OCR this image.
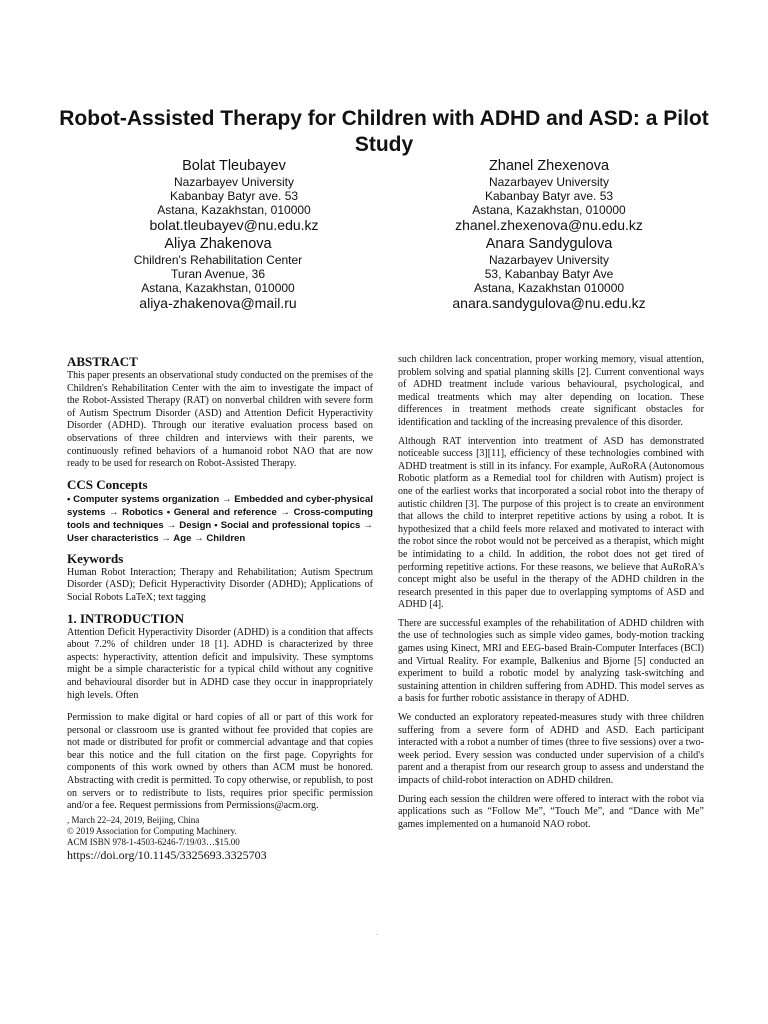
Robot-Assisted Therapy for Children with ADHD and ASD: a Pilot Study
Bolat Tleubayev
Nazarbayev University
Kabanbay Batyr ave. 53
Astana, Kazakhstan, 010000
bolat.tleubayev@nu.edu.kz
Zhanel Zhexenova
Nazarbayev University
Kabanbay Batyr ave. 53
Astana, Kazakhstan, 010000
zhanel.zhexenova@nu.edu.kz
Aliya Zhakenova
Children's Rehabilitation Center
Turan Avenue, 36
Astana, Kazakhstan, 010000
aliya-zhakenova@mail.ru
Anara Sandygulova
Nazarbayev University
53, Kabanbay Batyr Ave
Astana, Kazakhstan 010000
anara.sandygulova@nu.edu.kz
ABSTRACT

This paper presents an observational study conducted on the premises of the Children's Rehabilitation Center with the aim to investigate the impact of the Robot-Assisted Therapy (RAT) on nonverbal children with severe form of Autism Spectrum Disorder (ASD) and Attention Deficit Hyperactivity Disorder (ADHD). Through our iterative evaluation process based on observations of three children and interviews with their parents, we continuously refined behaviors of a humanoid robot NAO that are now ready to be used for research on Robot-Assisted Therapy.

CCS Concepts

• Computer systems organization → Embedded and cyber-physical systems → Robotics • General and reference → Cross-computing tools and techniques → Design • Social and professional topics → User characteristics → Age → Children

Keywords

Human Robot Interaction; Therapy and Rehabilitation; Autism Spectrum Disorder (ASD); Deficit Hyperactivity Disorder (ADHD); Applications of Social Robots LaTeX; text tagging

1. INTRODUCTION

Attention Deficit Hyperactivity Disorder (ADHD) is a condition that affects about 7.2% of children under 18 [1]. ADHD is characterized by three aspects: hyperactivity, attention deficit and impulsivity. These symptoms might be a simple characteristic for a typical child without any cognitive and behavioural disorder but in ADHD case they occur in inappropriately high levels. Often

Permission to make digital or hard copies of all or part of this work for personal or classroom use is granted without fee provided that copies are not made or distributed for profit or commercial advantage and that copies bear this notice and the full citation on the first page. Copyrights for components of this work owned by others than ACM must be honored. Abstracting with credit is permitted. To copy otherwise, or republish, to post on servers or to redistribute to lists, requires prior specific permission and/or a fee. Request permissions from Permissions@acm.org.

, March 22–24, 2019, Beijing, China
© 2019 Association for Computing Machinery.
ACM ISBN 978-1-4503-6246-7/19/03…$15.00
https://doi.org/10.1145/3325693.3325703

such children lack concentration, proper working memory, visual attention, problem solving and spatial planning skills [2]. Current conventional ways of ADHD treatment include various behavioural, psychological, and medical treatments which may alter depending on location. These differences in treatment methods create significant obstacles for identification and tackling of the increasing prevalence of this disorder.

Although RAT intervention into treatment of ASD has demonstrated noticeable success [3][11], efficiency of these technologies combined with ADHD treatment is still in its infancy. For example, AuRoRA (Autonomous Robotic platform as a Remedial tool for children with Autism) project is one of the earliest works that incorporated a social robot into the therapy of autistic children [3]. The purpose of this project is to create an environment that allows the child to interpret repetitive actions by using a robot. It is hypothesized that a child feels more relaxed and motivated to interact with the robot since the robot would not be perceived as a therapist, which might be intimidating to a child. In addition, the robot does not get tired of performing repetitive actions. For these reasons, we believe that AuRoRA's concept might also be useful in the therapy of the ADHD children in the research presented in this paper due to overlapping symptoms of ASD and ADHD [4].

There are successful examples of the rehabilitation of ADHD children with the use of technologies such as simple video games, body-motion tracking games using Kinect, MRI and EEG-based Brain-Computer Interfaces (BCI) and Virtual Reality. For example, Balkenius and Bjorne [5] conducted an experiment to build a robotic model by analyzing task-switching and sustaining attention in children suffering from ADHD. This model serves as a basis for further robotic assistance in therapy of ADHD.

We conducted an exploratory repeated-measures study with three children suffering from a severe form of ADHD and ASD. Each participant interacted with a robot a number of times (three to five sessions) over a two-week period. Every session was conducted under supervision of a child's parent and a therapist from our research group to assess and understand the impacts of child-robot interaction on ADHD children.

During each session the children were offered to interact with the robot via applications such as “Follow Me”, “Touch Me”, and “Dance with Me” games implemented on a humanoid NAO robot.

.
